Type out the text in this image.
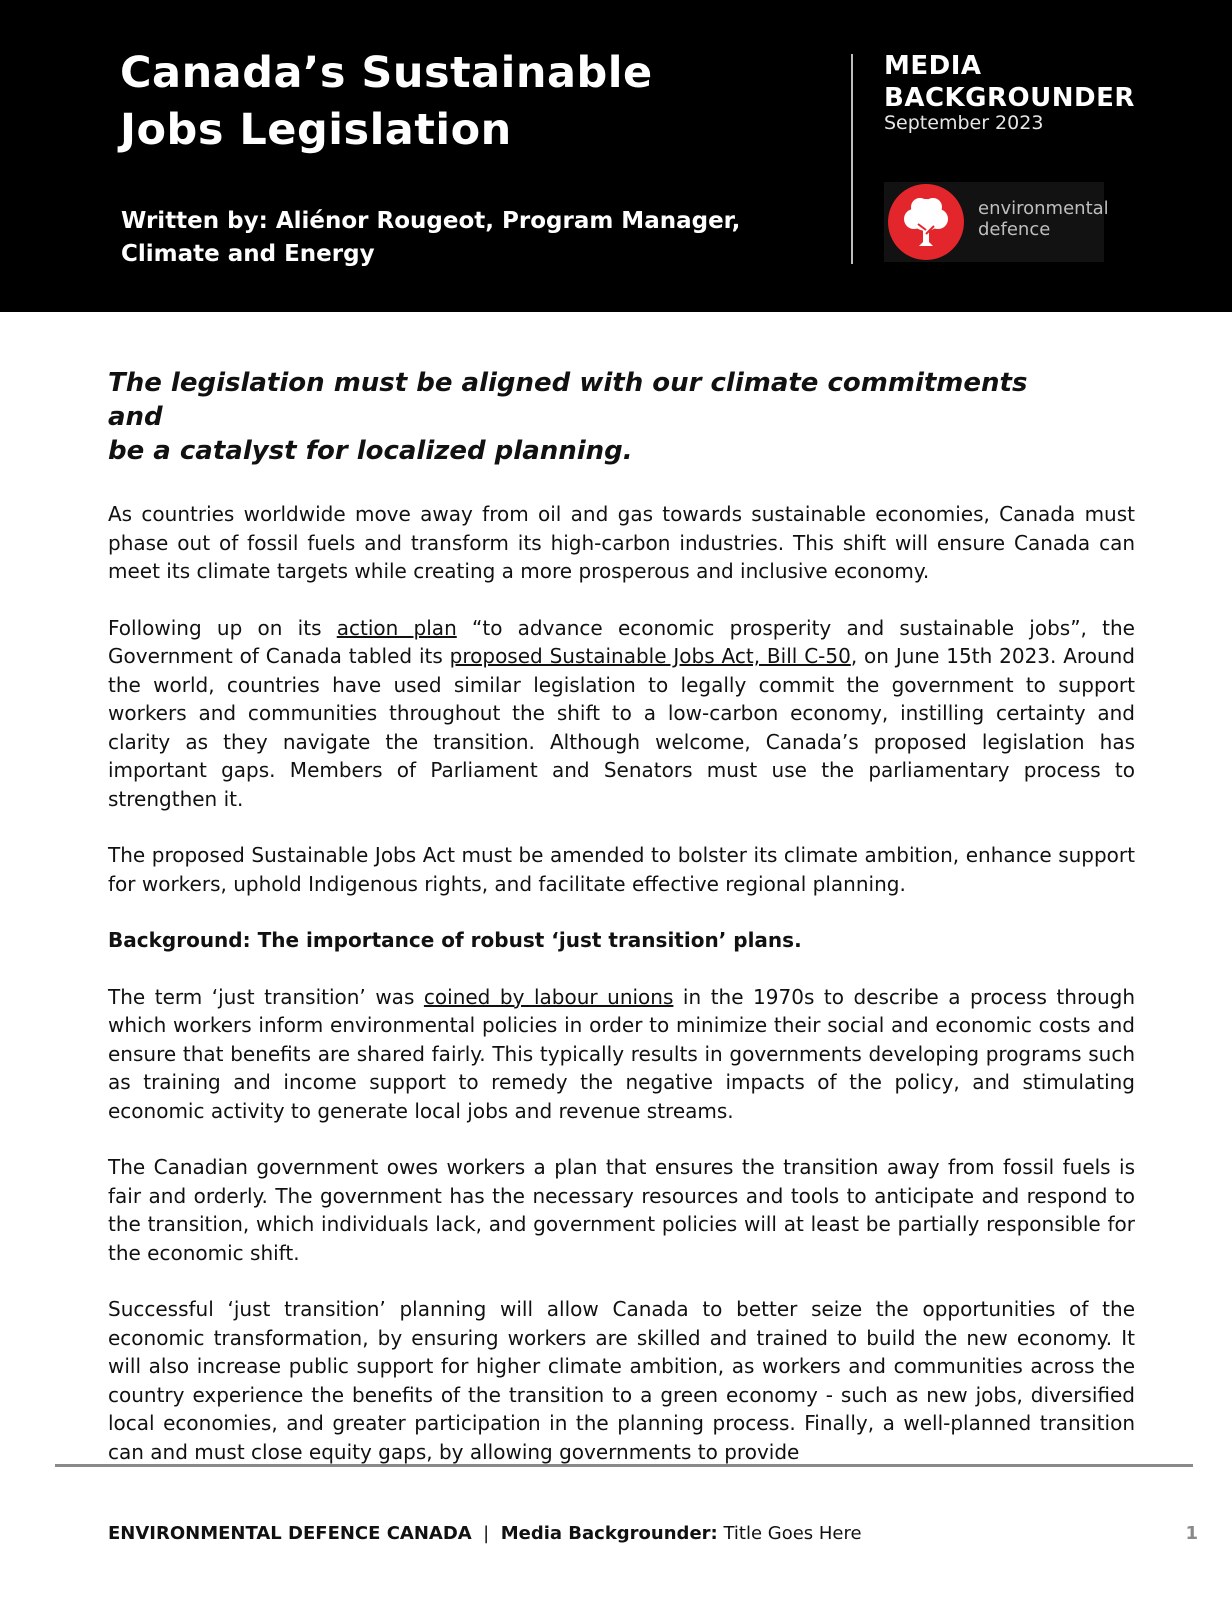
Canada’s Sustainable
Jobs Legislation
Written by: Aliénor Rougeot, Program Manager,
Climate and Energy
MEDIA
BACKGROUNDER
September 2023
environmental
defence
The legislation must be aligned with our climate commitments and
be a catalyst for localized planning.

As countries worldwide move away from oil and gas towards sustainable economies, Canada must phase out of fossil fuels and transform its high-carbon industries. This shift will ensure Canada can meet its climate targets while creating a more prosperous and inclusive economy.

Following up on its action plan “to advance economic prosperity and sustainable jobs”, the Government of Canada tabled its proposed Sustainable Jobs Act, Bill C-50, on June 15th 2023. Around the world, countries have used similar legislation to legally commit the government to support workers and communities throughout the shift to a low-carbon economy, instilling certainty and clarity as they navigate the transition. Although welcome, Canada’s proposed legislation has important gaps. Members of Parliament and Senators must use the parliamentary process to strengthen it.

The proposed Sustainable Jobs Act must be amended to bolster its climate ambition, enhance support for workers, uphold Indigenous rights, and facilitate effective regional planning.

Background: The importance of robust ‘just transition’ plans.

The term ‘just transition’ was coined by labour unions in the 1970s to describe a process through which workers inform environmental policies in order to minimize their social and economic costs and ensure that benefits are shared fairly. This typically results in governments developing programs such as training and income support to remedy the negative impacts of the policy, and stimulating economic activity to generate local jobs and revenue streams.

The Canadian government owes workers a plan that ensures the transition away from fossil fuels is fair and orderly. The government has the necessary resources and tools to anticipate and respond to the transition, which individuals lack, and government policies will at least be partially responsible for the economic shift.

Successful ‘just transition’ planning will allow Canada to better seize the opportunities of the economic transformation, by ensuring workers are skilled and trained to build the new economy. It will also increase public support for higher climate ambition, as workers and communities across the country experience the benefits of the transition to a green economy - such as new jobs, diversified local economies, and greater participation in the planning process. Finally, a well-planned transition can and must close equity gaps, by allowing governments to provide

ENVIRONMENTAL DEFENCE CANADA | Media Backgrounder: Title Goes Here	1
